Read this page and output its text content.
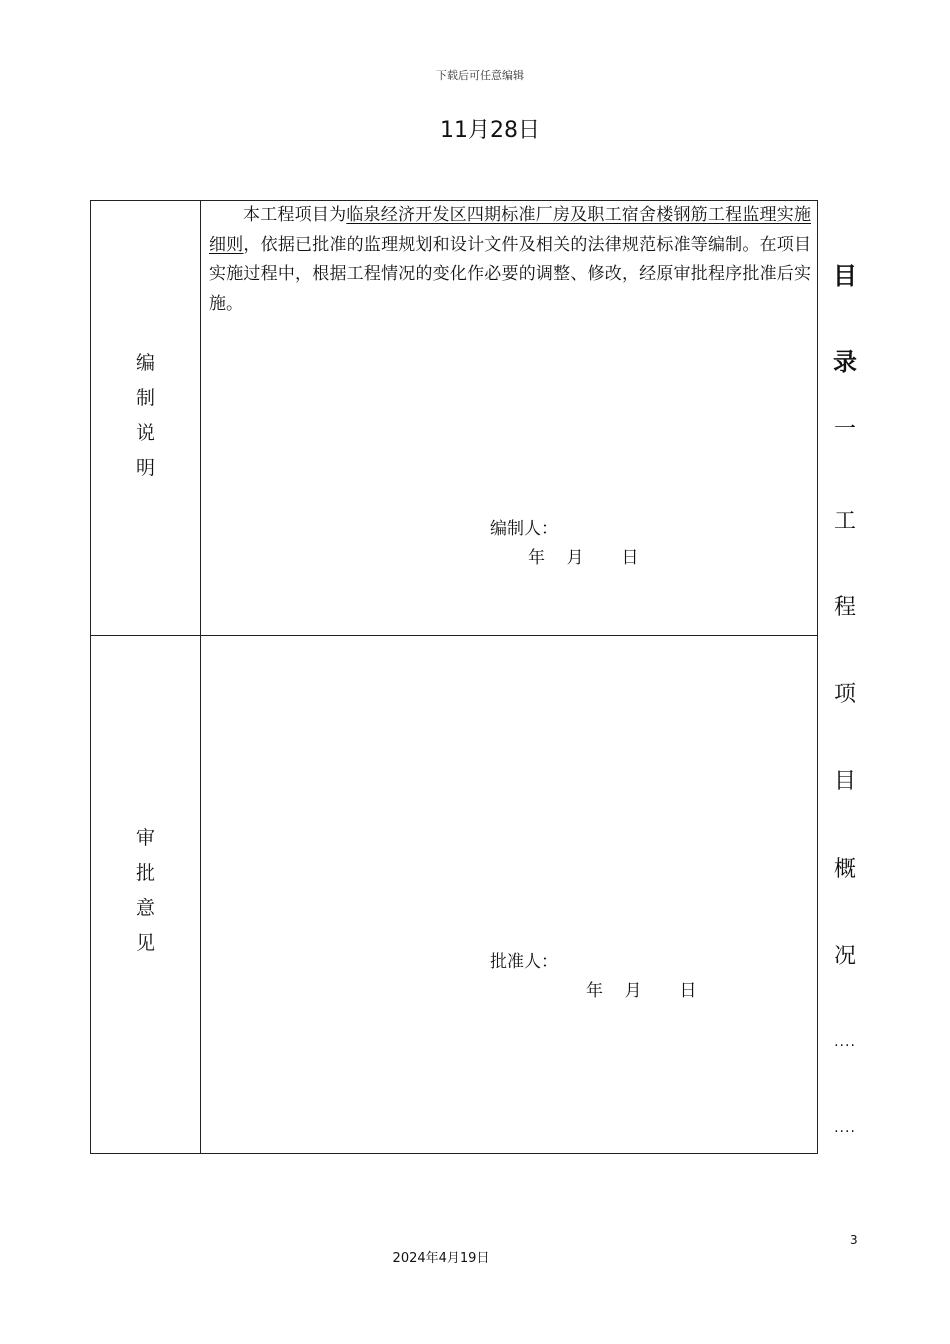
下载后可任意编辑
11月28日
编
制
说
明

本工程项目为临泉经济开发区四期标准厂房及职工宿舍楼钢筋工程监理实施细则，依据已批准的监理规划和设计文件及相关的法律规范标准等编制。在项目实施过程中，根据工程情况的变化作必要的调整、修改，经原审批程序批准后实施。

编制人：
年    月       日
审
批
意
见
批准人：
年    月       日
目
录
一
工
程
项
目
概
况
....
....
3
2024年4月19日
